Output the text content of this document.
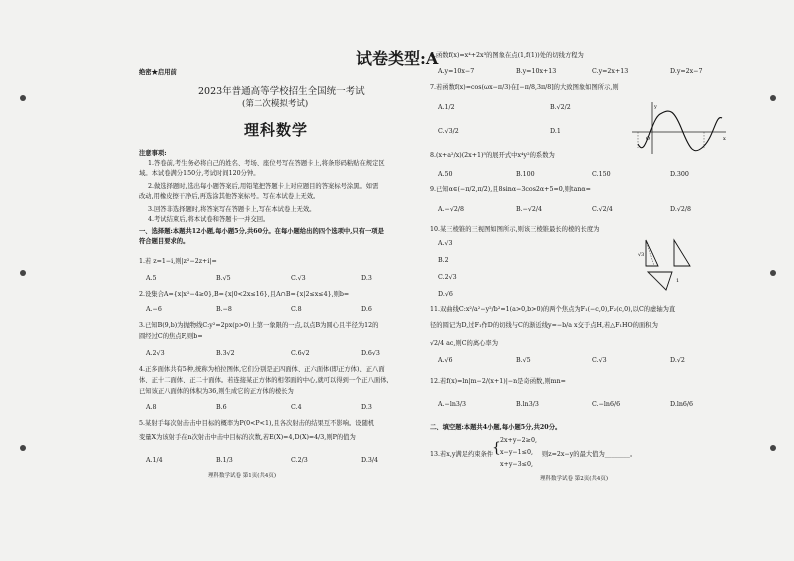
试卷类型:A
绝密★启用前
2023年普通高等学校招生全国统一考试
(第二次模拟考试)
理科数学
注意事项:
1.答卷前,考生务必将自己的姓名、考场、座位号写在答题卡上,将条形码粘贴在规定区
域。本试卷满分150分,考试时间120分钟。
2.做选择题时,选出每小题答案后,用铅笔把答题卡上对应题目的答案标号涂黑。如需
改动,用橡皮擦干净后,再选涂其他答案标号。写在本试卷上无效。
3.回答非选择题时,将答案写在答题卡上,写在本试卷上无效。
4.考试结束后,将本试卷和答题卡一并交回。
一、选择题:本题共12小题,每小题5分,共60分。在每小题给出的四个选项中,只有一项是
符合题目要求的。
1.若 z=1−i,则|z²−2z+i|=
A.5	B.√5	C.√3	D.3
2.设集合A={x|x²−4≥0},B={x|0<2x≤16},且A∩B={x|2≤x≤4},则b=
A.−6	B.−8	C.8	D.6
3.已知B(9,b)为抛物线C:y²=2px(p>0)上第一象限的一点,以点B为圆心且半径为12的
圆经过C的焦点F,则b=
A.2√3	B.3√2	C.6√2	D.6√3
4.正多面体共有5种,统称为柏拉图体,它们分别是正四面体、正六面体(即正方体)、正八面
体、正十二面体、正二十面体。若连接某正方体的相邻面的中心,就可以得到一个正八面体,
已知该正八面体的体积为36,则生成它的正方体的棱长为
A.8	B.6	C.4	D.3
5.某射手每次射击击中目标的概率为P(0<P<1),且各次射击的结果互不影响。设随机
变量X为该射手在n次射击中击中目标的次数,若E(X)=4,D(X)=4/3,则P的值为
A.1/4	B.1/3	C.2/3	D.3/4
理科数学试卷 第1页(共4页)
6.函数f(x)=x⁴+2x³的图象在点(1,f(1))处的切线方程为
A.y=10x−7	B.y=10x+13	C.y=2x+13	D.y=2x−7
7.若函数f(x)=cos(ωx−π/3)在[−π/8,3π/8]的大致图象如图所示,则
A.1/2	B.√2/2
C.√3/2	D.1
O	x
y
8.(x+a²/x)(2x+1)⁵的展开式中x⁴y²的系数为
A.50	B.100	C.150	D.300
9.已知α∈(−π/2,π/2),且8sinα−3cos2α+5=0,则tanα=
A.−√2/8	B.−√2/4	C.√2/4	D.√2/8
10.某三棱锥的三视图如图所示,则该三棱锥最长的棱的长度为
A.√3
B.2
C.2√3
D.√6
√3
1
11.双曲线C:x²/a²−y²/b²=1(a>0,b>0)的两个焦点为F₁(−c,0),F₂(c,0),以C的虚轴为直
径的圆记为D,过F₁作D的切线与C的渐近线y=−b/a x交于点H,若△F₁HO的面积为
√2/4 ac,则C的离心率为
A.√6	B.√5	C.√3	D.√2
12.若f(x)=ln|m−2/(x+1)|−n是奇函数,则mn=
A.−ln3/3	B.ln3/3	C.−ln6/6	D.ln6/6
二、填空题:本题共4小题,每小题5分,共20分。
13.若x,y满足约束条件
{ 2x+y−2≥0,
x−y−1≤0,
x+y−3≤0,
则z=2x−y的最大值为________。
理科数学试卷 第2页(共4页)
